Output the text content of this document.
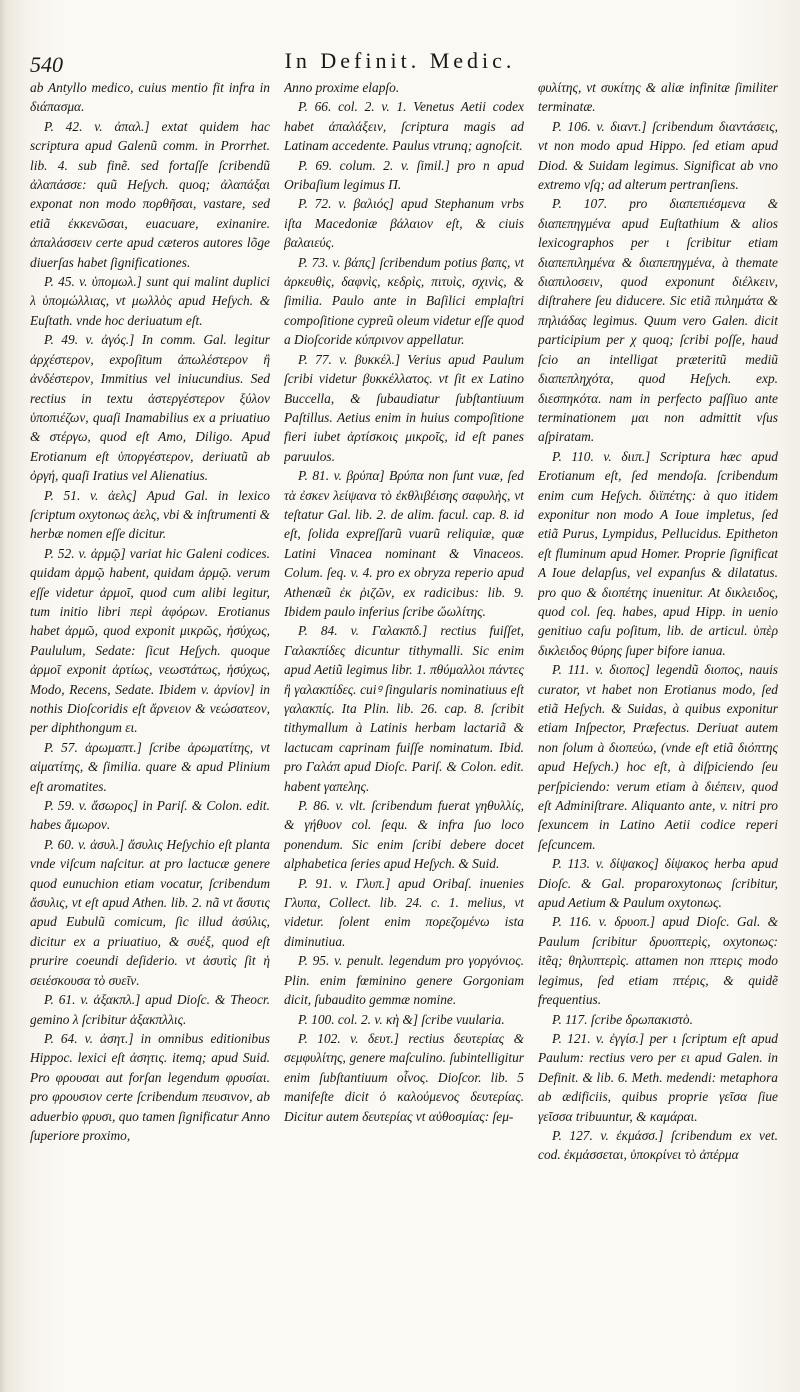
540	In Definit. Medic.

ab Antyllo medico, cuius mentio fit infra in διάπασμα.

P. 42. v. ἀπαλ.] extat quidem hac scriptura apud Galenũ comm. in Prorrhet. lib. 4. sub finẽ. sed fortaſſe ſcribendũ ἀλαπάσσε: quũ Heſych. quoq; ἀλαπάξαι exponat non modo πορθῆσαι, vastare, sed etiã ἐκκενῶσαι, euacuare, exinanire. ἀπαλάσσειν certe apud cæteros autores lõge diuerſas habet ſignificationes.

P. 45. v. ὑπομωλ.] sunt qui malint duplici λ ὑπομώλλιας, vt μωλλὸς apud Heſych. & Euſtath. vnde hoc deriuatum eſt.

P. 49. v. ἀγός.] In comm. Gal. legitur ἀρχέστερον, expoſitum ἀπωλέστερον ἢ ἀνδέστερον, Immitius vel iniucundius. Sed rectius in textu ἀστεργέστερον ξύλον ὑποπιέζων, quaſi Inamabilius ex a priuatiuo & στέργω, quod eſt Amo, Diligo. Apud Erotianum eſt ὑποργέστερον, deriuatũ ab ὀργή, quaſi Iratius vel Alienatius.

P. 51. v. ἀελς] Apud Gal. in lexico ſcriptum oxytonως ἀελς, vbi & inſtrumenti & herbæ nomen eſſe dicitur.

P. 52. v. ἀρμῷ] variat hic Galeni codices. quidam ἀρμῷ habent, quidam ἀρμῷ. verum eſſe videtur ἀρμοῖ, quod cum alibi legitur, tum initio libri περὶ ἀφόρων. Erotianus habet ἀρμῶ, quod exponit μικρῶς, ἡσύχως, Paululum, Sedate: ſicut Heſych. quoque ἀρμοῖ exponit ἀρτίως, νεωστάτως, ἡσύχως, Modo, Recens, Sedate. Ibidem v. ἀρνίον] in nothis Dioſcoridis eſt ἄρνειον & νεώσατεον, per diphthongum ει.

P. 57. ἀρωμαπτ.] ſcribe ἀρωματίτης, vt αἱματίτης, & ſimilia. quare & apud Plinium eſt aromatites.

P. 59. v. ἄσωρος] in Pariſ. & Colon. edit. habes ἄμωρον.

P. 60. v. ἀσυλ.] ἄσυλις Heſychio eſt planta vnde viſcum naſcitur. at pro lactucæ genere quod eunuchion etiam vocatur, ſcribendum ἄσυλις, vt eſt apud Athen. lib. 2. nã vt ἄσυτις apud Eubulũ comicum, ſic illud ἀσύλις, dicitur ex a priuatiuo, & συέξ, quod eſt prurire coeundi deſiderio. vt ἀσυτὶς ſit ἡ σειέσκουσα τὸ συεῖν.

P. 61. v. ἀξακπλ.] apud Dioſc. & Theocr. gemino λ ſcribitur ἀξακπλλις.

P. 64. v. ἀσητ.] in omnibus editionibus Hippoc. lexici eſt ἀσητις. itemq; apud Suid. Pro φρουσαι aut forſan legendum φρυσίαι. pro φρουσιον certe ſcribendum πευσινον, ab aduerbio φρυσι, quo tamen ſignificatur Anno ſuperiore proximo,

Anno proxime elapſo.

P. 66. col. 2. v. 1. Venetus Aetii codex habet ἀπαλάξειν, ſcriptura magis ad Latinam accedente. Paulus vtrunq; agnoſcit.

P. 69. colum. 2. v. ſimil.] pro n apud Oribaſium legimus Π.

P. 72. v. βαλιός] apud Stephanum vrbs iſta Macedoniæ βάλαιον eſt, & ciuis βαλαιεύς.

P. 73. v. βάπς] ſcribendum potius βαπς, vt ἀρκευθὶς, δαφνὶς, κεδρὶς, πιτυὶς, σχινὶς, & ſimilia. Paulo ante in Baſilici emplaſtri compoſitione cypreũ oleum videtur eſſe quod a Dioſcoride κύπρινον appellatur.

P. 77. v. βυκκέλ.] Verius apud Paulum ſcribi videtur βυκκέλλατος. vt ſit ex Latino Buccella, & ſubaudiatur ſubſtantiuum Paſtillus. Aetius enim in huius compoſitione fieri iubet ἀρτίσκοις μικροῖς, id eſt panes paruulos.

P. 81. v. βρύπα] Βρύπα non ſunt vuæ, ſed τὰ ἐσκεν λείψανα τὸ ἐκθλιβέισης σαφυλὴς, vt teſtatur Gal. lib. 2. de alim. facul. cap. 8. id eſt, ſolida expreſſarũ vuarũ reliquiæ, quæ Latini Vinacea nominant & Vinaceos. Colum. ſeq. v. 4. pro ex obryza reperio apud Athenæũ ἐκ ῥιζῶν, ex radicibus: lib. 9. Ibidem paulo inferius ſcribe ὤωλίτης.

P. 84. v. Γαλακπδ.] rectius fuiſſet, Γαλακπίδες dicuntur tithymalli. Sic enim apud Aetiũ legimus libr. 1. πθύμαλλοι πάντες ἢ γαλακπίδες. cuiꝰ ſingularis nominatiuus eſt γαλακπίς. Ita Plin. lib. 26. cap. 8. ſcribit tithymallum à Latinis herbam lactariã & lactucam caprinam fuiſſe nominatum. Ibid. pro Γαλάπ apud Dioſc. Pariſ. & Colon. edit. habent γαπελης.

P. 86. v. vlt. ſcribendum fuerat γηθυλλίς, & γήθυον col. ſequ. & infra ſuo loco ponendum. Sic enim ſcribi debere docet alphabetica ſeries apud Heſych. & Suid.

P. 91. v. Γλυπ.] apud Oribaſ. inuenies Γλυπα, Collect. lib. 24. c. 1. melius, vt videtur. ſolent enim πορεζομένω ista diminutiua.

P. 95. v. penult. legendum pro γοργόνιος. Plin. enim fœminino genere Gorgoniam dicit, ſubaudito gemmæ nomine.

P. 100. col. 2. v. κὴ &] ſcribe vuularia.

P. 102. v. δευτ.] rectius δευτερίας & σεμφυλίτης, genere maſculino. ſubintelligitur enim ſubſtantiuum οἶνος. Dioſcor. lib. 5 manifeſte dicit ὁ καλούμενος δευτερίας. Dicitur autem δευτερίας vt αὐθοσμίας: ſeμ-

φυλίτης, vt συκίτης & aliæ infinitæ ſimiliter terminatæ.

P. 106. v. διαντ.] ſcribendum διαντάσεις, vt non modo apud Hippo. ſed etiam apud Diod. & Suidam legimus. Significat ab vno extremo vſq; ad alterum pertranſiens.

P. 107. pro διαπεπιέσμενα & διαπεπηγμένα apud Euſtathium & alios lexicographos per ι ſcribitur etiam διαπεπιλημένα & διαπεπηγμένα, à themate διαπιλοσειν, quod exponunt διέλκειν, diſtrahere ſeu diducere. Sic etiã πιλημάτα & πηλιάδας legimus. Quum vero Galen. dicit participium per χ quoq; ſcribi poſſe, haud ſcio an intelligat præteritũ mediũ διαπεπληχότα, quod Heſych. exp. διεσπηκότα. nam in perfecto paſſiuo ante terminationem μαι non admittit vſus aſpiratam.

P. 110. v. διιπ.] Scriptura hæc apud Erotianum eſt, ſed mendoſa. ſcribendum enim cum Heſych. διϊπέτης: à quo itidem exponitur non modo A Ioue impletus, ſed etiã Purus, Lympidus, Pellucidus. Epitheton eſt fluminum apud Homer. Proprie ſignificat A Ioue delapſus, vel expanſus & dilatatus. pro quo & διοπέτης inuenitur. At δικλειδος, quod col. ſeq. habes, apud Hipp. in uenio genitiuo caſu poſitum, lib. de articul. ὑπὲρ δικλειδος θύρης ſuper bifore ianua.

P. 111. v. διοπος] legendũ διοπος, nauis curator, vt habet non Erotianus modo, ſed etiã Heſych. & Suidas, à quibus exponitur etiam Inſpector, Præfectus. Deriuat autem non ſolum à διοπεύω, (vnde eſt etiã διόπτης apud Heſych.) hoc eſt, à diſpiciendo ſeu perſpiciendo: verum etiam à διέπειν, quod eſt Adminiſtrare. Aliquanto ante, v. nitri pro ſexuncem in Latino Aetii codice reperi ſeſcuncem.

P. 113. v. δίψακος] δίψακος herba apud Dioſc. & Gal. proparoxytonως ſcribitur, apud Aetium & Paulum oxytonως.

P. 116. v. δρυοπ.] apud Dioſc. Gal. & Paulum ſcribitur δρυοπτερὶς, oxytonως: itẽq; θηλυπτερὶς. attamen non πτερις modo legimus, ſed etiam πτέρις, & quidẽ frequentius.

P. 117. ſcribe δρωπακιστὸ.

P. 121. v. ἐγγίσ.] per ι ſcriptum eſt apud Paulum: rectius vero per ει apud Galen. in Definit. & lib. 6. Meth. medendi: metaphora ab ædificiis, quibus proprie γεῖσα ſiue γεῖσσα tribuuntur, & καμάραι.

P. 127. v. ἐκμάσσ.] ſcribendum ex vet. cod. ἐκμάσσεται, ὑποκρίνει τὸ ἀπέρμα
